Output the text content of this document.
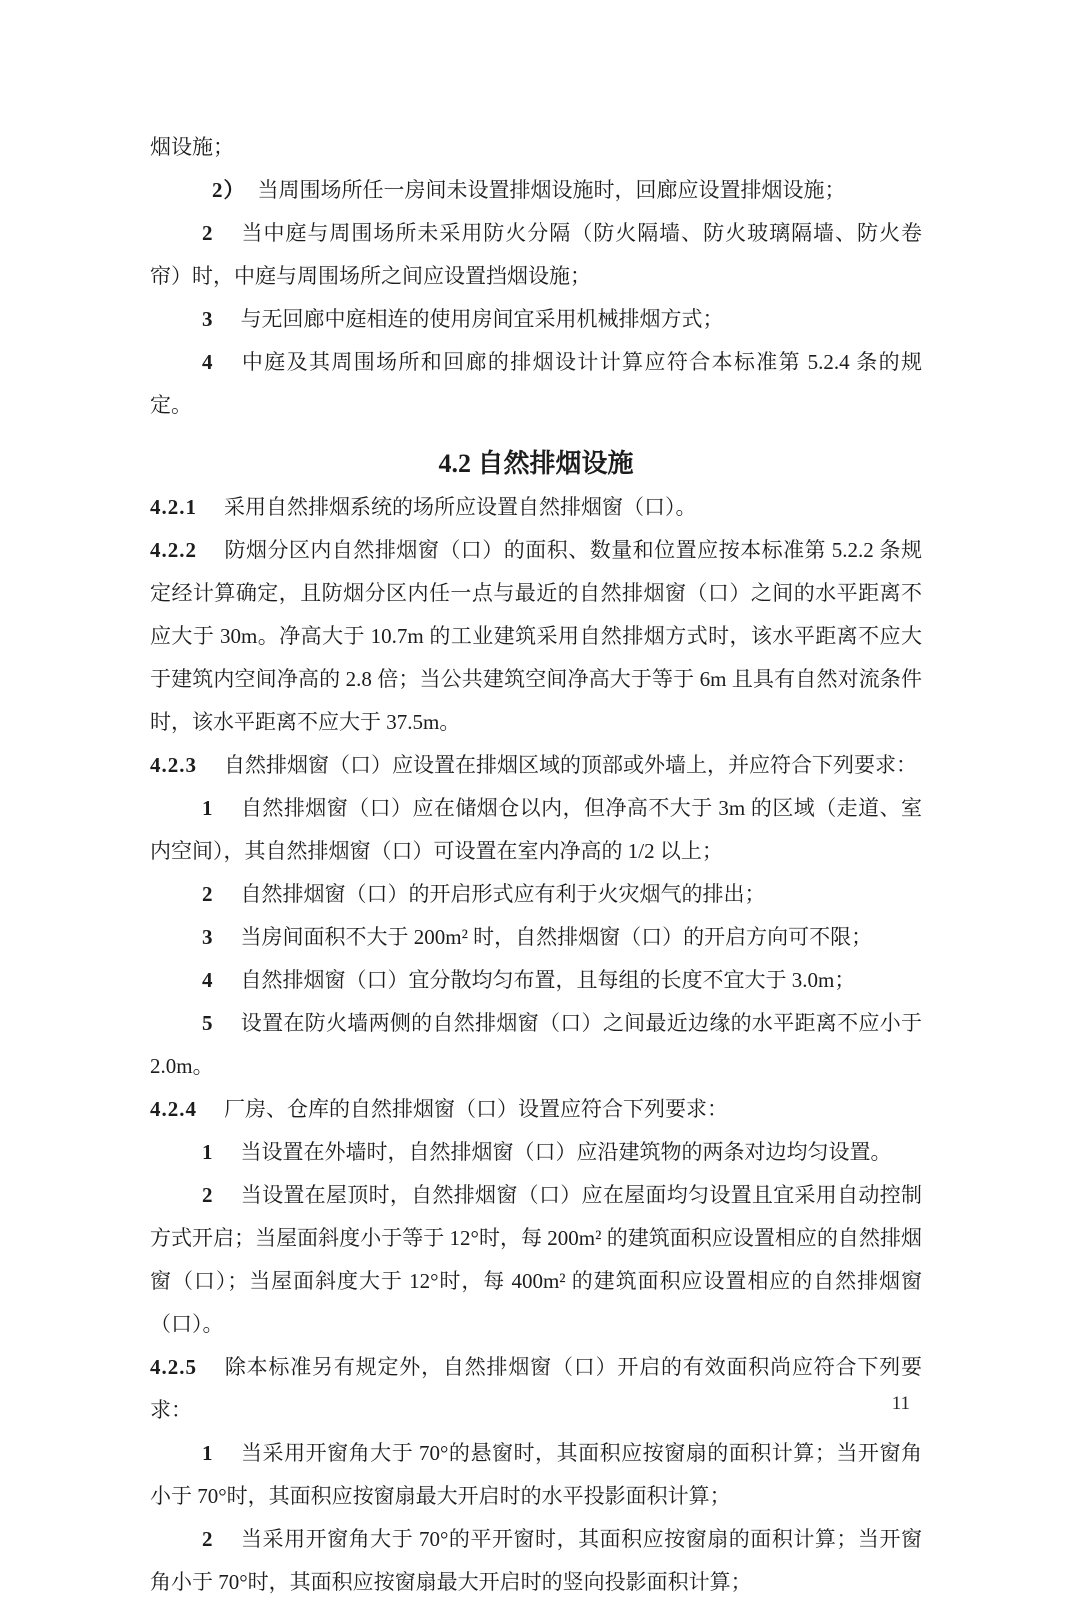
烟设施；

2） 当周围场所任一房间未设置排烟设施时，回廊应设置排烟设施；

2 当中庭与周围场所未采用防火分隔（防火隔墙、防火玻璃隔墙、防火卷帘）时，中庭与周围场所之间应设置挡烟设施；

3 与无回廊中庭相连的使用房间宜采用机械排烟方式；

4 中庭及其周围场所和回廊的排烟设计计算应符合本标准第 5.2.4 条的规定。

4.2 自然排烟设施

4.2.1 采用自然排烟系统的场所应设置自然排烟窗（口）。

4.2.2 防烟分区内自然排烟窗（口）的面积、数量和位置应按本标准第 5.2.2 条规定经计算确定，且防烟分区内任一点与最近的自然排烟窗（口）之间的水平距离不应大于 30m。净高大于 10.7m 的工业建筑采用自然排烟方式时，该水平距离不应大于建筑内空间净高的 2.8 倍；当公共建筑空间净高大于等于 6m 且具有自然对流条件时，该水平距离不应大于 37.5m。

4.2.3 自然排烟窗（口）应设置在排烟区域的顶部或外墙上，并应符合下列要求：

1 自然排烟窗（口）应在储烟仓以内，但净高不大于 3m 的区域（走道、室内空间），其自然排烟窗（口）可设置在室内净高的 1/2 以上；

2 自然排烟窗（口）的开启形式应有利于火灾烟气的排出；

3 当房间面积不大于 200m² 时，自然排烟窗（口）的开启方向可不限；

4 自然排烟窗（口）宜分散均匀布置，且每组的长度不宜大于 3.0m；

5 设置在防火墙两侧的自然排烟窗（口）之间最近边缘的水平距离不应小于 2.0m。

4.2.4 厂房、仓库的自然排烟窗（口）设置应符合下列要求：

1 当设置在外墙时，自然排烟窗（口）应沿建筑物的两条对边均匀设置。

2 当设置在屋顶时，自然排烟窗（口）应在屋面均匀设置且宜采用自动控制方式开启；当屋面斜度小于等于 12°时，每 200m² 的建筑面积应设置相应的自然排烟窗（口）；当屋面斜度大于 12°时，每 400m² 的建筑面积应设置相应的自然排烟窗（口）。

4.2.5 除本标准另有规定外，自然排烟窗（口）开启的有效面积尚应符合下列要求：

1 当采用开窗角大于 70°的悬窗时，其面积应按窗扇的面积计算；当开窗角小于 70°时，其面积应按窗扇最大开启时的水平投影面积计算；

2 当采用开窗角大于 70°的平开窗时，其面积应按窗扇的面积计算；当开窗角小于 70°时，其面积应按窗扇最大开启时的竖向投影面积计算；

11
